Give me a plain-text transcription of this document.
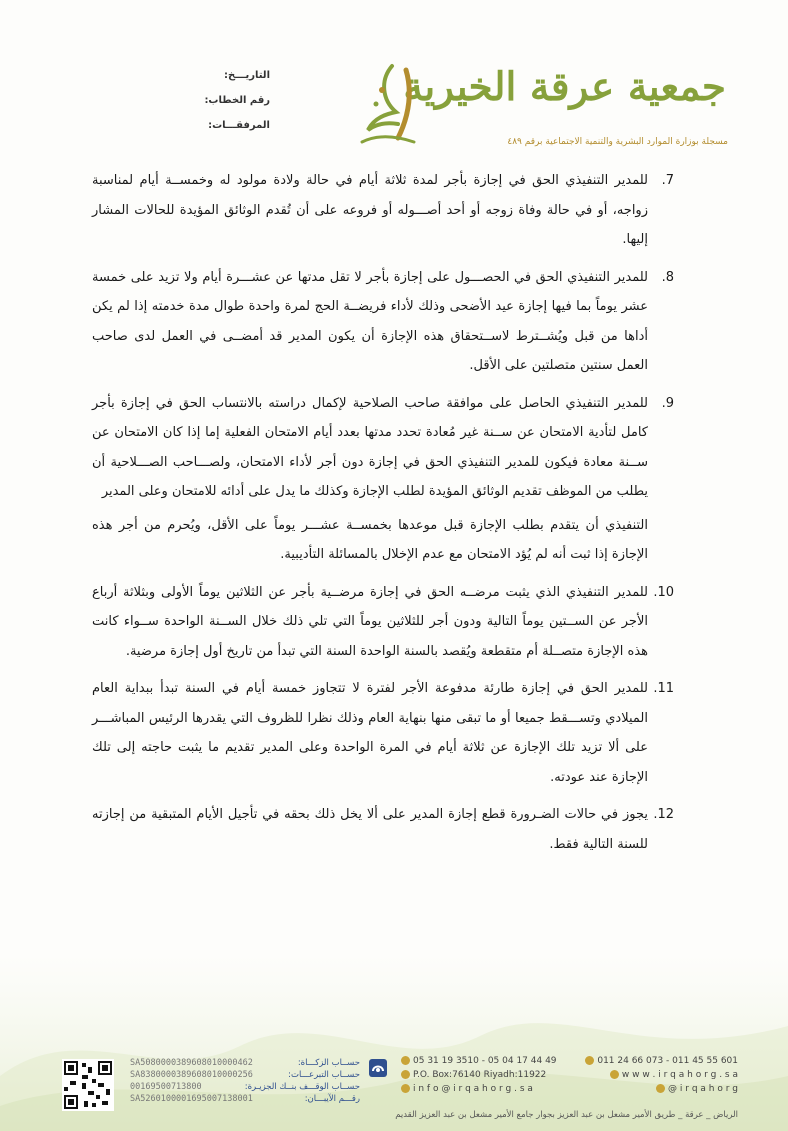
جمعية عرقة الخيرية
مسجلة بوزارة الموارد البشرية والتنمية الاجتماعية برقم ٤٨٩
التاريـــخ:
رقم الخطاب:
المرفقـــات:
7.

للمدير التنفيذي الحق في إجازة بأجر لمدة ثلاثة أيام في حالة ولادة مولود له وخمســة أيام لمناسبة زواجه، أو في حالة وفاة زوجه أو أحد أصـــوله أو فروعه على أن تُقدم الوثائق المؤيدة للحالات المشار إليها.

8.

للمدير التنفيذي الحق في الحصـــول على إجازة بأجر لا تقل مدتها عن عشـــرة أيام ولا تزيد على خمسة عشر يوماً بما فيها إجازة عيد الأضحى وذلك لأداء فريضــة الحج لمرة واحدة طوال مدة خدمته إذا لم يكن أداها من قبل ويُشــترط لاســتحقاق هذه الإجازة أن يكون المدير قد أمضــى في العمل لدى صاحب العمل سنتين متصلتين على الأقل.

9.

للمدير التنفيذي الحاصل على موافقة صاحب الصلاحية لإكمال دراسته بالانتساب الحق في إجازة بأجر كامل لتأدية الامتحان عن ســنة غير مُعادة تحدد مدتها بعدد أيام الامتحان الفعلية إما إذا كان الامتحان عن ســنة معادة فيكون للمدير التنفيذي الحق في إجازة دون أجر لأداء الامتحان، ولصـــاحب الصـــلاحية أن يطلب من الموظف تقديم الوثائق المؤيدة لطلب الإجازة وكذلك ما يدل على أدائه للامتحان وعلى المدير

التنفيذي أن يتقدم بطلب الإجازة قبل موعدها بخمســة عشـــر يوماً على الأقل، ويُحرم من أجر هذه الإجازة إذا ثبت أنه لم يُؤد الامتحان مع عدم الإخلال بالمسائلة التأديبية.

10.

للمدير التنفيذي الذي يثبت مرضــه الحق في إجازة مرضــية بأجر عن الثلاثين يوماً الأولى وبثلاثة أرباع الأجر عن الســتين يوماً التالية ودون أجر للثلاثين يوماً التي تلي ذلك خلال الســنة الواحدة ســواء كانت هذه الإجازة متصــلة أم متقطعة ويُقصد بالسنة الواحدة السنة التي تبدأ من تاريخ أول إجازة مرضية.

11.

للمدير الحق في إجازة طارئة مدفوعة الأجر لفترة لا تتجاوز خمسة أيام في السنة تبدأ ببداية العام الميلادي وتســـقط جميعا أو ما تبقى منها بنهاية العام وذلك نظرا للظروف التي يقدرها الرئيس المباشـــر على ألا تزيد تلك الإجازة عن ثلاثة أيام في المرة الواحدة وعلى المدير تقديم ما يثبت حاجته إلى تلك الإجازة عند عودته.

12.

يجوز في حالات الضـرورة قطع إجازة المدير على ألا يخل ذلك بحقه في تأجيل الأيام المتبقية من إجازته للسنة التالية فقط.

SA5080000389608010000462	حســاب الزكـــاة:
SA8380000389608010000256	حســاب التبرعـــات:
00169500713800	حســاب الوقـــف بنــك الجزيـرة:
SA5260100001695007138001	رقـــم الآيبـــان:
05 31 19 3510 - 05 04 17 44 49	011 24 66 073 - 011 45 55 601
P.O. Box:76140 Riyadh:11922	w w w . i r q a h o r g . s a
i n f o @ i r q a h o r g . s a	@ i r q a h o r g
الرياض _ عرقة _ طريق الأمير مشعل بن عبد العزيز بجوار جامع الأمير مشعل بن عبد العزيز القديم
